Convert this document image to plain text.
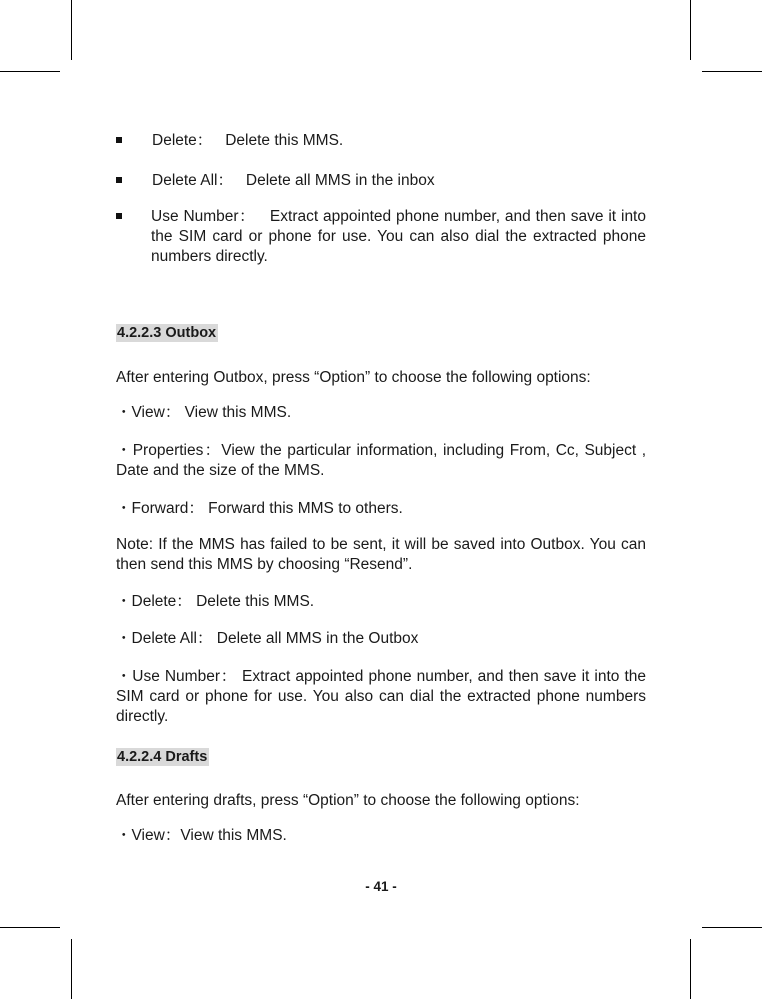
Delete： Delete this MMS.
Delete All： Delete all MMS in the inbox
Use Number： Extract appointed phone number, and then save it into the SIM card or phone for use. You can also dial the extracted phone numbers directly.
4.2.2.3 Outbox
After entering Outbox, press “Option” to choose the following options:
・View： View this MMS.
・Properties：View the particular information, including From, Cc, Subject , Date and the size of the MMS.
・Forward： Forward this MMS to others.
Note: If the MMS has failed to be sent, it will be saved into Outbox. You can then send this MMS by choosing “Resend”.
・Delete： Delete this MMS.
・Delete All： Delete all MMS in the Outbox
・Use Number： Extract appointed phone number, and then save it into the SIM card or phone for use. You also can dial the extracted phone numbers directly.
4.2.2.4 Drafts
After entering drafts, press “Option” to choose the following options:
・View：View this MMS.
- 41 -
